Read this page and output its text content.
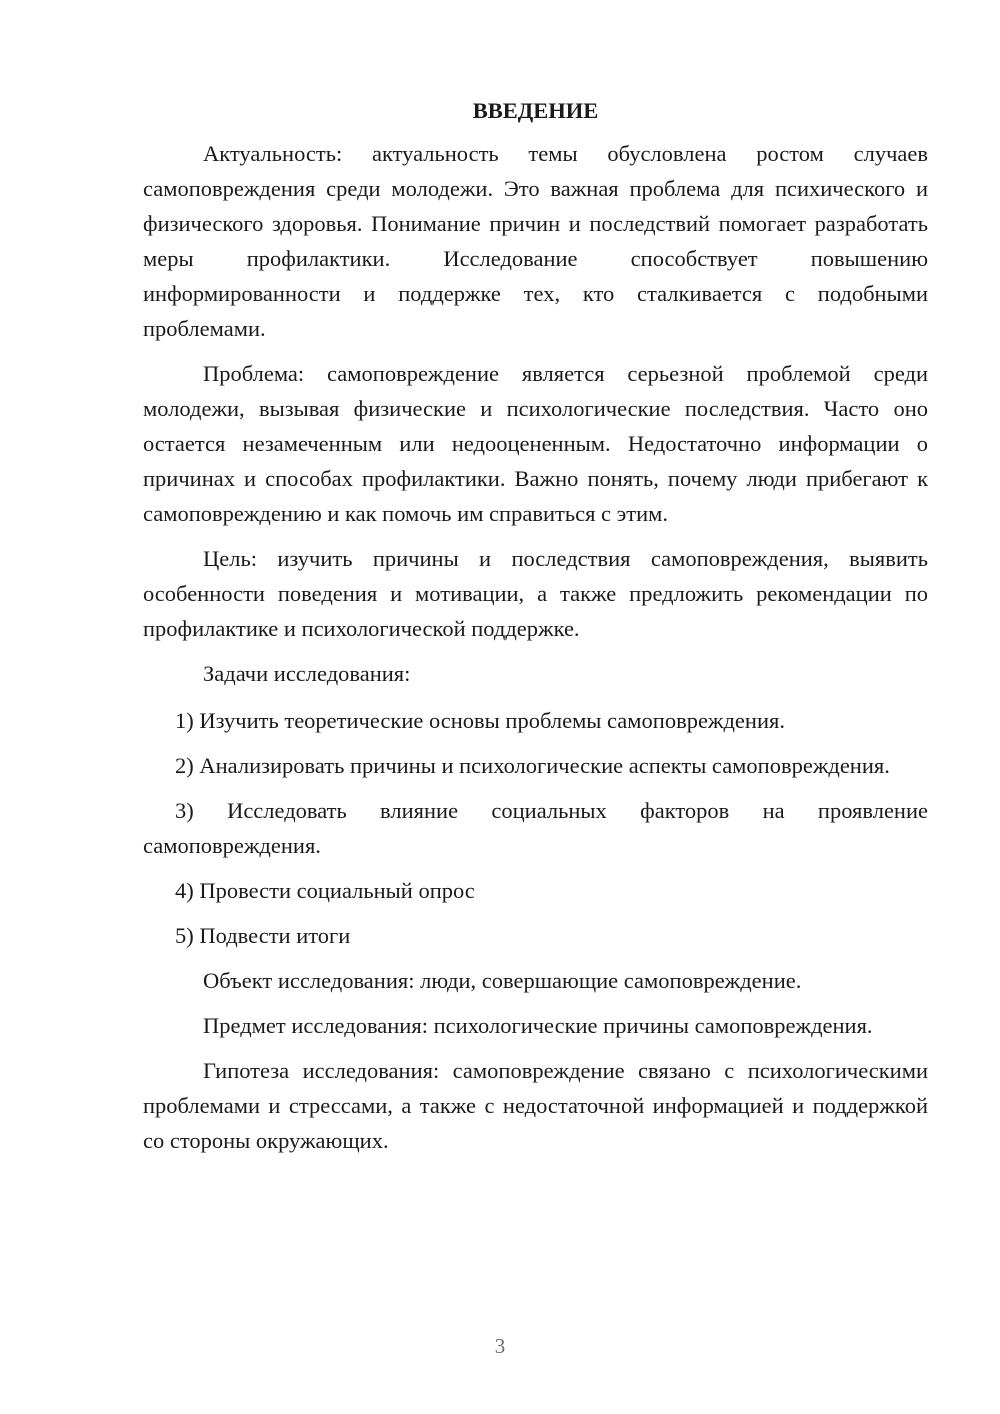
ВВЕДЕНИЕ

Актуальность: актуальность темы обусловлена ростом случаев самоповреждения среди молодежи. Это важная проблема для психического и физического здоровья. Понимание причин и последствий помогает разработать меры профилактики. Исследование способствует повышению информированности и поддержке тех, кто сталкивается с подобными проблемами.

Проблема: самоповреждение является серьезной проблемой среди молодежи, вызывая физические и психологические последствия. Часто оно остается незамеченным или недооцененным. Недостаточно информации о причинах и способах профилактики. Важно понять, почему люди прибегают к самоповреждению и как помочь им справиться с этим.

Цель: изучить причины и последствия самоповреждения, выявить особенности поведения и мотивации, а также предложить рекомендации по профилактике и психологической поддержке.

Задачи исследования:

1) Изучить теоретические основы проблемы самоповреждения.

2) Анализировать причины и психологические аспекты самоповреждения.

3) Исследовать влияние социальных факторов на проявление самоповреждения.

4) Провести социальный опрос

5) Подвести итоги

Объект исследования: люди, совершающие самоповреждение.

Предмет исследования: психологические причины самоповреждения.

Гипотеза исследования: самоповреждение связано с психологическими проблемами и стрессами, а также с недостаточной информацией и поддержкой со стороны окружающих.

3
